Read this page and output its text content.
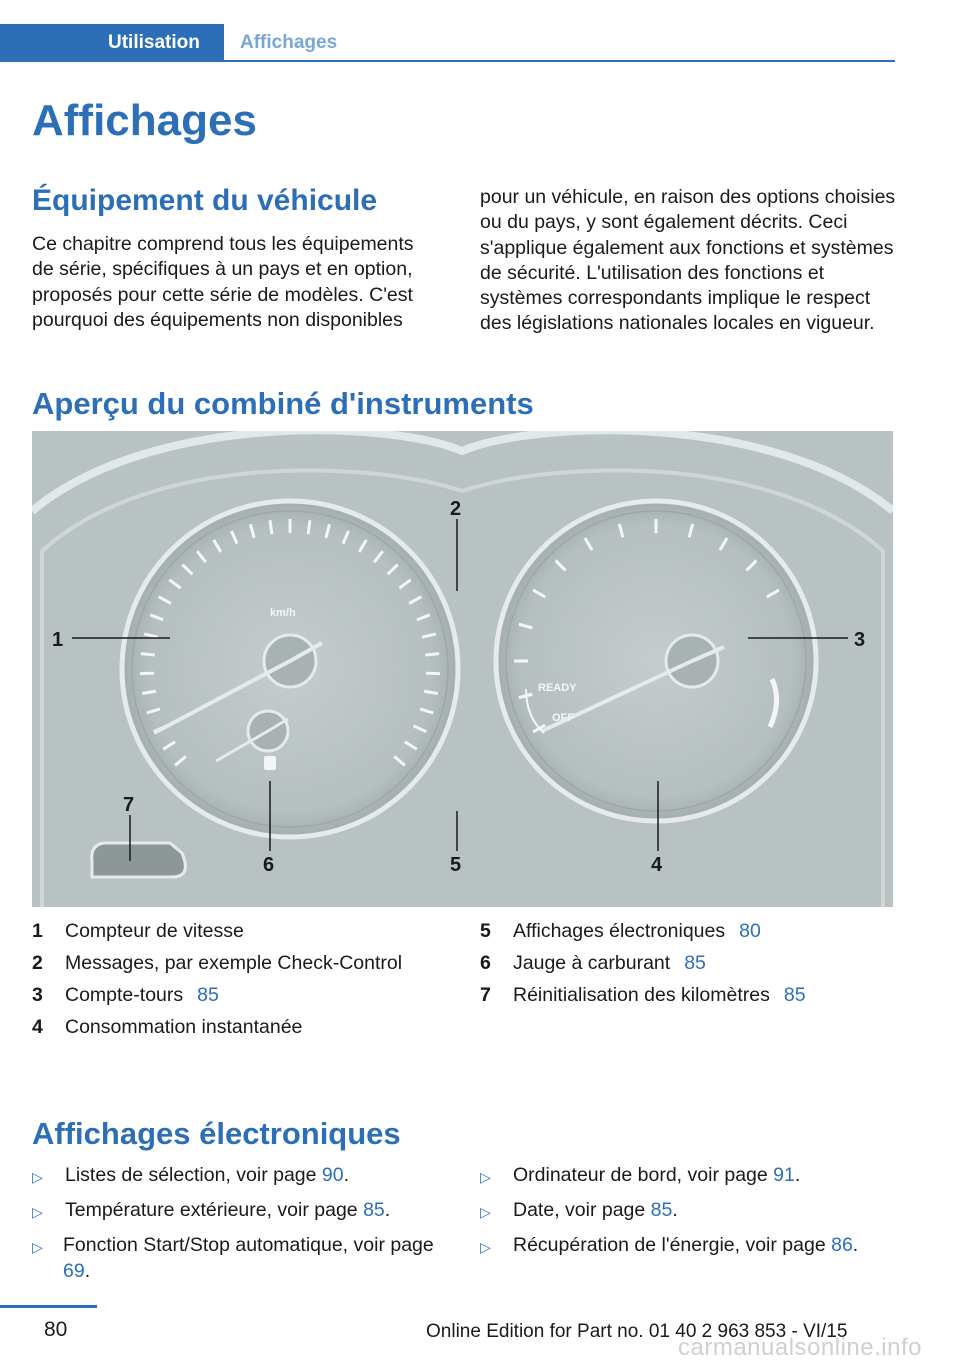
Utilisation	Affichages
Affichages
Équipement du véhicule
Ce chapitre comprend tous les équipements de série, spécifiques à un pays et en option, proposés pour cette série de modèles. C'est pourquoi des équipements non disponibles
pour un véhicule, en raison des options choisies ou du pays, y sont également décrits. Ceci s'applique également aux fonctions et systèmes de sécurité. L'utilisation des fonctions et systèmes correspondants implique le respect des législations nationales locales en vigueur.
Aperçu du combiné d'instruments
km/h
READY
OFF
1
2
3
4
5
6
7
1	Compteur de vitesse
2	Messages, par exemple Check-Control
3	Compte-tours 85
4	Consommation instantanée
5	Affichages électroniques 80
6	Jauge à carburant 85
7	Réinitialisation des kilomètres 85
Affichages électroniques
▷	Listes de sélection, voir page 90.
▷	Température extérieure, voir page 85.
▷	Fonction Start/Stop automatique, voir page 69.
▷	Ordinateur de bord, voir page 91.
▷	Date, voir page 85.
▷	Récupération de l'énergie, voir page 86.
80	Online Edition for Part no. 01 40 2 963 853 - VI/15
carmanualsonline.info
